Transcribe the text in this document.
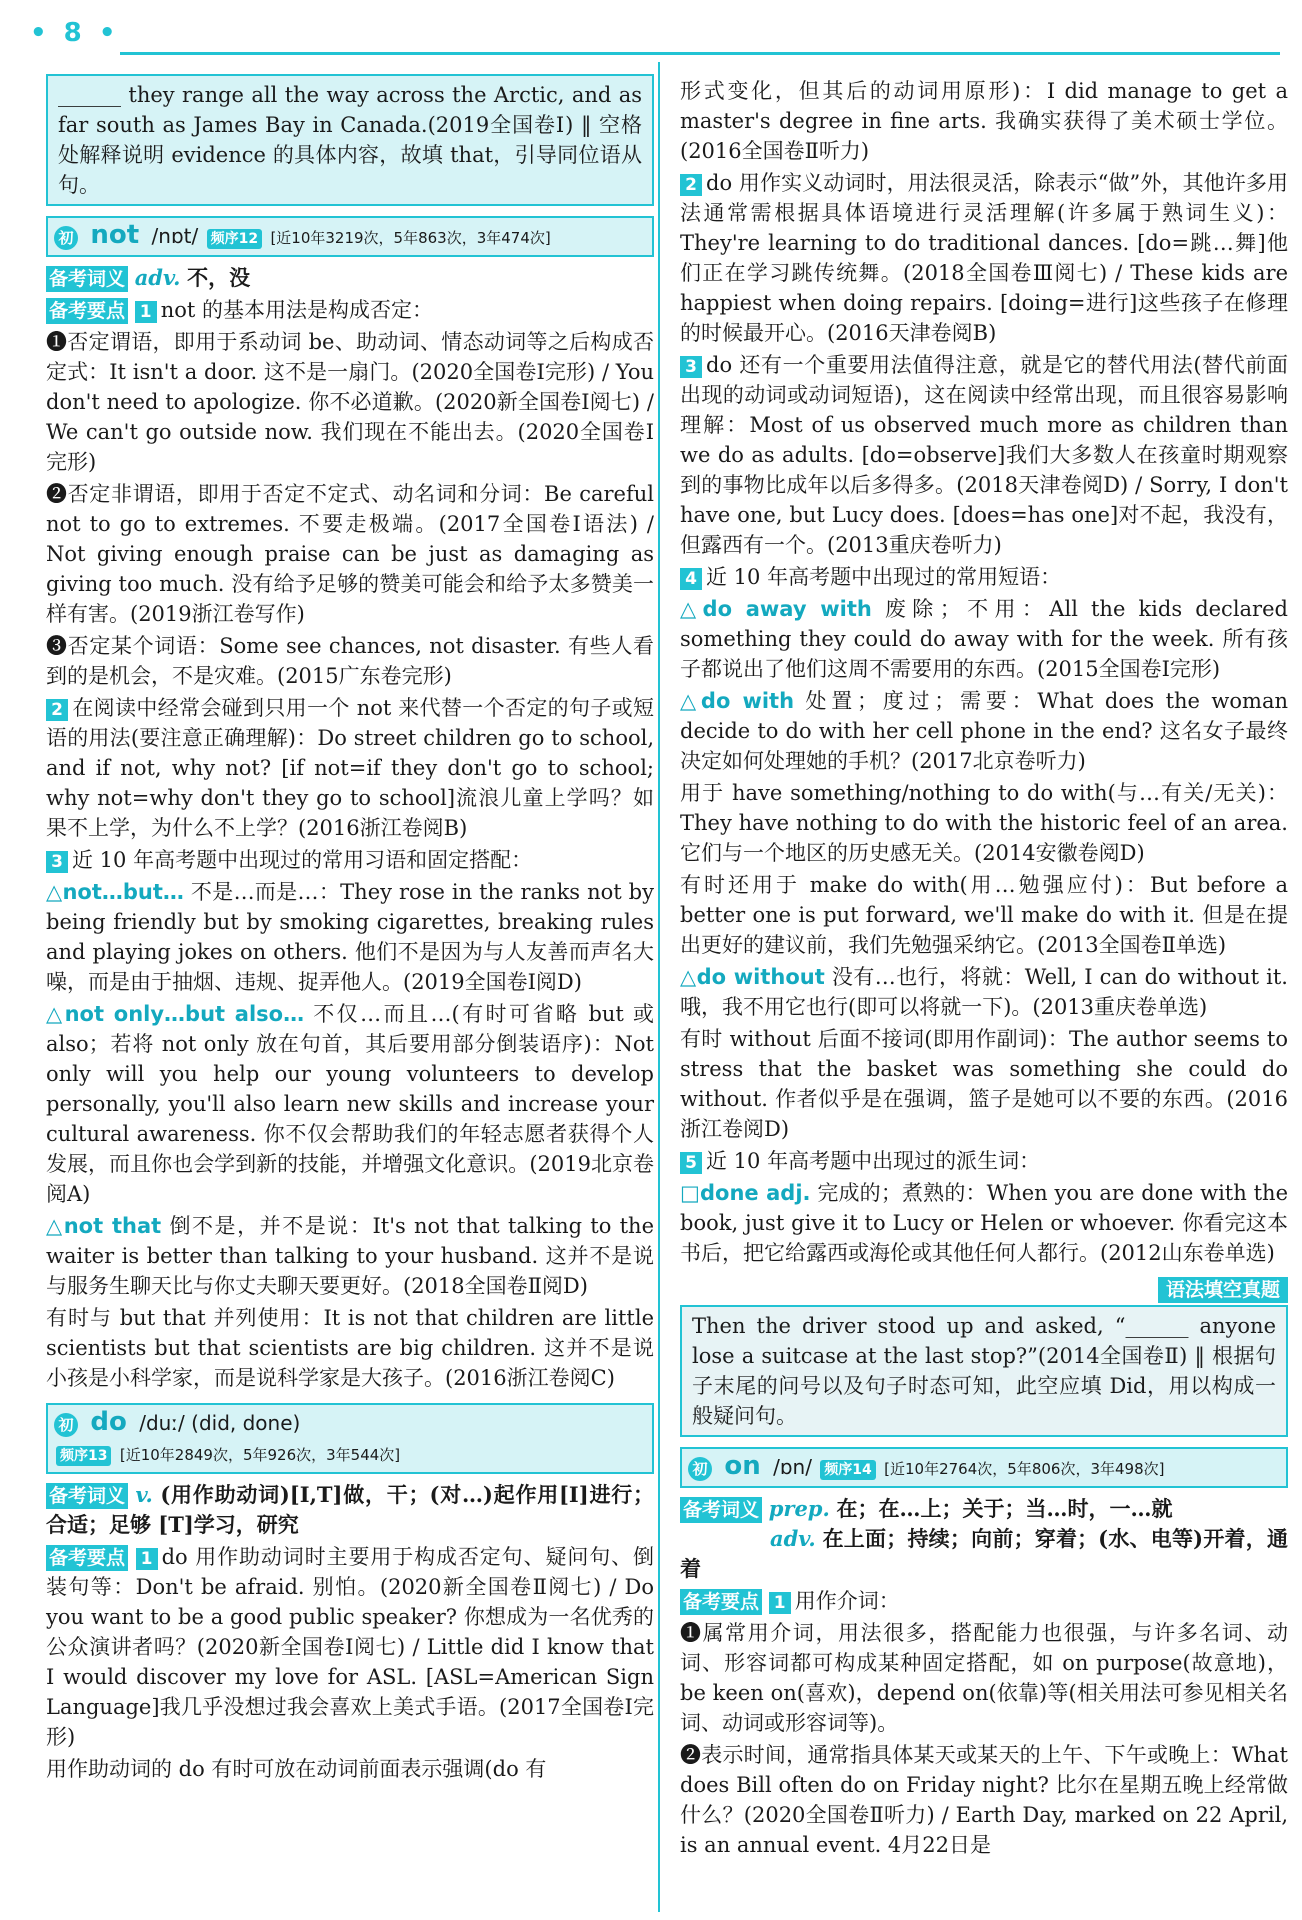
• 8 •
______ they range all the way across the Arctic, and as far south as James Bay in Canada.(2019全国卷Ⅰ) ‖ 空格处解释说明 evidence 的具体内容，故填 that，引导同位语从句。
初 not /nɒt/ 频序12 [近10年3219次，5年863次，3年474次]
备考词义 adv. 不，没
备考要点 1 not 的基本用法是构成否定：

❶否定谓语，即用于系动词 be、助动词、情态动词等之后构成否定式：It isn't a door. 这不是一扇门。(2020全国卷Ⅰ完形) / You don't need to apologize. 你不必道歉。(2020新全国卷Ⅰ阅七) / We can't go outside now. 我们现在不能出去。(2020全国卷Ⅰ完形)

❷否定非谓语，即用于否定不定式、动名词和分词：Be careful not to go to extremes. 不要走极端。(2017全国卷Ⅰ语法) / Not giving enough praise can be just as damaging as giving too much. 没有给予足够的赞美可能会和给予太多赞美一样有害。(2019浙江卷写作)

❸否定某个词语：Some see chances, not disaster. 有些人看到的是机会，不是灾难。(2015广东卷完形)

2 在阅读中经常会碰到只用一个 not 来代替一个否定的句子或短语的用法(要注意正确理解)：Do street children go to school, and if not, why not? [if not=if they don't go to school; why not=why don't they go to school]流浪儿童上学吗？如果不上学，为什么不上学？(2016浙江卷阅B)

3 近 10 年高考题中出现过的常用习语和固定搭配：

△not…but… 不是…而是…：They rose in the ranks not by being friendly but by smoking cigarettes, breaking rules and playing jokes on others. 他们不是因为与人友善而声名大噪，而是由于抽烟、违规、捉弄他人。(2019全国卷Ⅰ阅D)

△not only…but also… 不仅…而且…(有时可省略 but 或 also；若将 not only 放在句首，其后要用部分倒装语序)：Not only will you help our young volunteers to develop personally, you'll also learn new skills and increase your cultural awareness. 你不仅会帮助我们的年轻志愿者获得个人发展，而且你也会学到新的技能，并增强文化意识。(2019北京卷阅A)

△not that 倒不是，并不是说：It's not that talking to the waiter is better than talking to your husband. 这并不是说与服务生聊天比与你丈夫聊天要更好。(2018全国卷Ⅱ阅D)

有时与 but that 并列使用：It is not that children are little scientists but that scientists are big children. 这并不是说小孩是小科学家，而是说科学家是大孩子。(2016浙江卷阅C)

初 do /duː/ (did, done)
频序13 [近10年2849次，5年926次，3年544次]
备考词义 v. (用作助动词)[I,T]做，干；(对…)起作用[I]进行；合适；足够 [T]学习，研究
备考要点 1 do 用作助动词时主要用于构成否定句、疑问句、倒装句等：Don't be afraid. 别怕。(2020新全国卷Ⅱ阅七) / Do you want to be a good public speaker? 你想成为一名优秀的公众演讲者吗？(2020新全国卷Ⅰ阅七) / Little did I know that I would discover my love for ASL. [ASL=American Sign Language]我几乎没想过我会喜欢上美式手语。(2017全国卷Ⅰ完形)

用作助动词的 do 有时可放在动词前面表示强调(do 有

形式变化，但其后的动词用原形)：I did manage to get a master's degree in fine arts. 我确实获得了美术硕士学位。(2016全国卷Ⅱ听力)

2 do 用作实义动词时，用法很灵活，除表示“做”外，其他许多用法通常需根据具体语境进行灵活理解(许多属于熟词生义)：They're learning to do traditional dances. [do=跳…舞]他们正在学习跳传统舞。(2018全国卷Ⅲ阅七) / These kids are happiest when doing repairs. [doing=进行]这些孩子在修理的时候最开心。(2016天津卷阅B)

3 do 还有一个重要用法值得注意，就是它的替代用法(替代前面出现的动词或动词短语)，这在阅读中经常出现，而且很容易影响理解：Most of us observed much more as children than we do as adults. [do=observe]我们大多数人在孩童时期观察到的事物比成年以后多得多。(2018天津卷阅D) / Sorry, I don't have one, but Lucy does. [does=has one]对不起，我没有，但露西有一个。(2013重庆卷听力)

4 近 10 年高考题中出现过的常用短语：

△do away with 废除；不用：All the kids declared something they could do away with for the week. 所有孩子都说出了他们这周不需要用的东西。(2015全国卷Ⅰ完形)

△do with 处置；度过；需要：What does the woman decide to do with her cell phone in the end? 这名女子最终决定如何处理她的手机？(2017北京卷听力)

用于 have something/nothing to do with(与…有关/无关)：They have nothing to do with the historic feel of an area. 它们与一个地区的历史感无关。(2014安徽卷阅D)

有时还用于 make do with(用…勉强应付)：But before a better one is put forward, we'll make do with it. 但是在提出更好的建议前，我们先勉强采纳它。(2013全国卷Ⅱ单选)

△do without 没有…也行，将就：Well, I can do without it. 哦，我不用它也行(即可以将就一下)。(2013重庆卷单选)

有时 without 后面不接词(即用作副词)：The author seems to stress that the basket was something she could do without. 作者似乎是在强调，篮子是她可以不要的东西。(2016浙江卷阅D)

5 近 10 年高考题中出现过的派生词：

□done adj. 完成的；煮熟的：When you are done with the book, just give it to Lucy or Helen or whoever. 你看完这本书后，把它给露西或海伦或其他任何人都行。(2012山东卷单选)

语法填空真题
Then the driver stood up and asked, “______ anyone lose a suitcase at the last stop?”(2014全国卷Ⅱ) ‖ 根据句子末尾的问号以及句子时态可知，此空应填 Did，用以构成一般疑问句。
初 on /ɒn/ 频序14 [近10年2764次，5年806次，3年498次]
备考词义 prep. 在；在…上；关于；当…时，一…就
adv. 在上面；持续；向前；穿着；(水、电等)开着，通着
备考要点 1 用作介词：

❶属常用介词，用法很多，搭配能力也很强，与许多名词、动词、形容词都可构成某种固定搭配，如 on purpose(故意地)，be keen on(喜欢)，depend on(依靠)等(相关用法可参见相关名词、动词或形容词等)。

❷表示时间，通常指具体某天或某天的上午、下午或晚上：What does Bill often do on Friday night? 比尔在星期五晚上经常做什么？(2020全国卷Ⅱ听力) / Earth Day, marked on 22 April, is an annual event. 4月22日是
